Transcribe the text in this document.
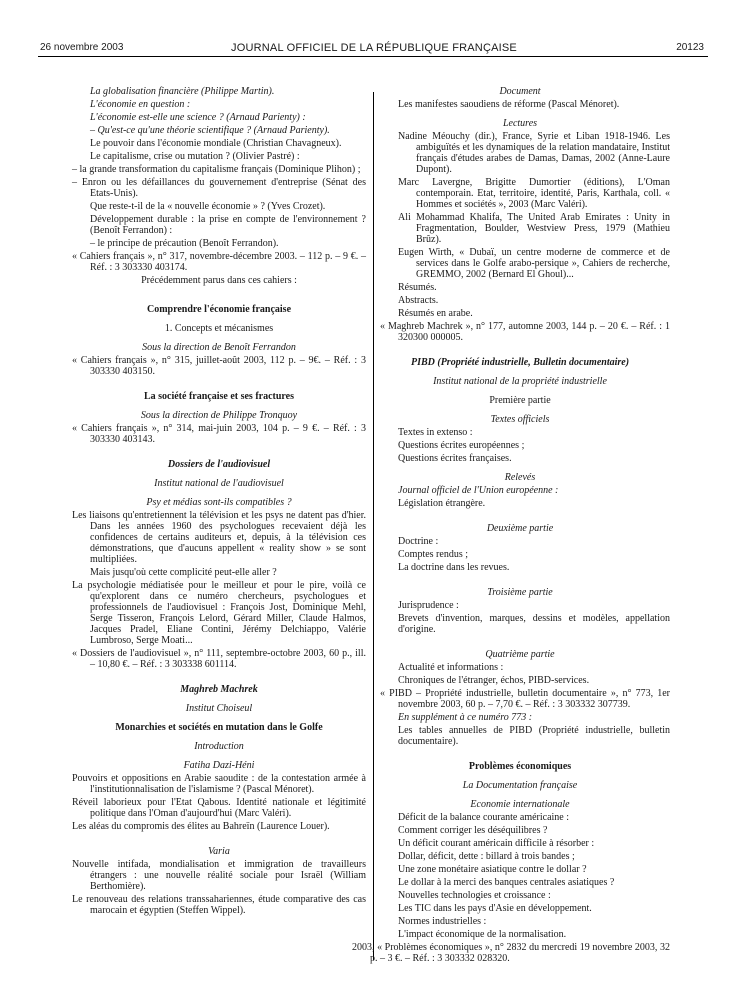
26 novembre 2003	JOURNAL OFFICIEL DE LA RÉPUBLIQUE FRANÇAISE	20123

La globalisation financière (Philippe Martin).

L'économie en question :

L'économie est-elle une science ? (Arnaud Parienty) :

– Qu'est-ce qu'une théorie scientifique ? (Arnaud Parienty).

Le pouvoir dans l'économie mondiale (Christian Chavagneux).

Le capitalisme, crise ou mutation ? (Olivier Pastré) :

– la grande transformation du capitalisme français (Dominique Plihon) ;

– Enron ou les défaillances du gouvernement d'entreprise (Sénat des Etats-Unis).

Que reste-t-il de la « nouvelle économie » ? (Yves Crozet).

Développement durable : la prise en compte de l'environnement ? (Benoît Ferrandon) :

– le principe de précaution (Benoît Ferrandon).

« Cahiers français », n° 317, novembre-décembre 2003. – 112 p. – 9 €. – Réf. : 3 303330 403174.

Précédemment parus dans ces cahiers :

Comprendre l'économie française

1. Concepts et mécanismes

Sous la direction de Benoît Ferrandon

« Cahiers français », n° 315, juillet-août 2003, 112 p. – 9€. – Réf. : 3 303330 403150.

La société française et ses fractures

Sous la direction de Philippe Tronquoy

« Cahiers français », n° 314, mai-juin 2003, 104 p. – 9 €. – Réf. : 3 303330 403143.

Dossiers de l'audiovisuel

Institut national de l'audiovisuel

Psy et médias sont-ils compatibles ?

Les liaisons qu'entretiennent la télévision et les psys ne datent pas d'hier. Dans les années 1960 des psychologues recevaient déjà les confidences de certains auditeurs et, depuis, à la télévision ces démonstrations, que d'aucuns appellent « reality show » se sont multipliées.

Mais jusqu'où cette complicité peut-elle aller ?

La psychologie médiatisée pour le meilleur et pour le pire, voilà ce qu'explorent dans ce numéro chercheurs, psychologues et professionnels de l'audiovisuel : François Jost, Dominique Mehl, Serge Tisseron, François Lelord, Gérard Miller, Claude Halmos, Jacques Pradel, Eliane Contini, Jérémy Delchiappo, Valérie Lumbroso, Serge Moati...

« Dossiers de l'audiovisuel », n° 111, septembre-octobre 2003, 60 p., ill. – 10,80 €. – Réf. : 3 303338 601114.

Maghreb Machrek

Institut Choiseul

Monarchies et sociétés en mutation dans le Golfe

Introduction

Fatiha Dazi-Héni

Pouvoirs et oppositions en Arabie saoudite : de la contestation armée à l'institutionnalisation de l'islamisme ? (Pascal Ménoret).

Réveil laborieux pour l'Etat Qabous. Identité nationale et légitimité politique dans l'Oman d'aujourd'hui (Marc Valéri).

Les aléas du compromis des élites au Bahreïn (Laurence Louer).

Varia

Nouvelle intifada, mondialisation et immigration de travailleurs étrangers : une nouvelle réalité sociale pour Israël (William Berthomière).

Le renouveau des relations transsahariennes, étude comparative des cas marocain et égyptien (Steffen Wippel).

Document

Les manifestes saoudiens de réforme (Pascal Ménoret).

Lectures

Nadine Méouchy (dir.), France, Syrie et Liban 1918-1946. Les ambiguïtés et les dynamiques de la relation mandataire, Institut français d'études arabes de Damas, Damas, 2002 (Anne-Laure Dupont).

Marc Lavergne, Brigitte Dumortier (éditions), L'Oman contemporain. Etat, territoire, identité, Paris, Karthala, coll. « Hommes et sociétés », 2003 (Marc Valéri).

Ali Mohammad Khalifa, The United Arab Emirates : Unity in Fragmentation, Boulder, Westview Press, 1979 (Mathieu Brûz).

Eugen Wirth, « Dubaï, un centre moderne de commerce et de services dans le Golfe arabo-persique », Cahiers de recherche, GREMMO, 2002 (Bernard El Ghoul)...

Résumés.

Abstracts.

Résumés en arabe.

« Maghreb Machrek », n° 177, automne 2003, 144 p. – 20 €. – Réf. : 1 320300 000005.

PIBD (Propriété industrielle, Bulletin documentaire)

Institut national de la propriété industrielle

Première partie

Textes officiels

Textes in extenso :

Questions écrites européennes ;

Questions écrites françaises.

Relevés

Journal officiel de l'Union européenne :

Législation étrangère.

Deuxième partie

Doctrine :

Comptes rendus ;

La doctrine dans les revues.

Troisième partie

Jurisprudence :

Brevets d'invention, marques, dessins et modèles, appellation d'origine.

Quatrième partie

Actualité et informations :

Chroniques de l'étranger, échos, PIBD-services.

« PIBD – Propriété industrielle, bulletin documentaire », n° 773, 1er novembre 2003, 60 p. – 7,70 €. – Réf. : 3 303332 307739.

En supplément à ce numéro 773 :

Les tables annuelles de PIBD (Propriété industrielle, bulletin documentaire).

Problèmes économiques

La Documentation française

Economie internationale

Déficit de la balance courante américaine :

Comment corriger les déséquilibres ?

Un déficit courant américain difficile à résorber :

Dollar, déficit, dette : billard à trois bandes ;

Une zone monétaire asiatique contre le dollar ?

Le dollar à la merci des banques centrales asiatiques ?

Nouvelles technologies et croissance :

Les TIC dans les pays d'Asie en développement.

Normes industrielles :

L'impact économique de la normalisation.

2003, « Problèmes économiques », n° 2832 du mercredi 19 novembre 2003, 32 p. – 3 €. – Réf. : 3 303332 028320.
